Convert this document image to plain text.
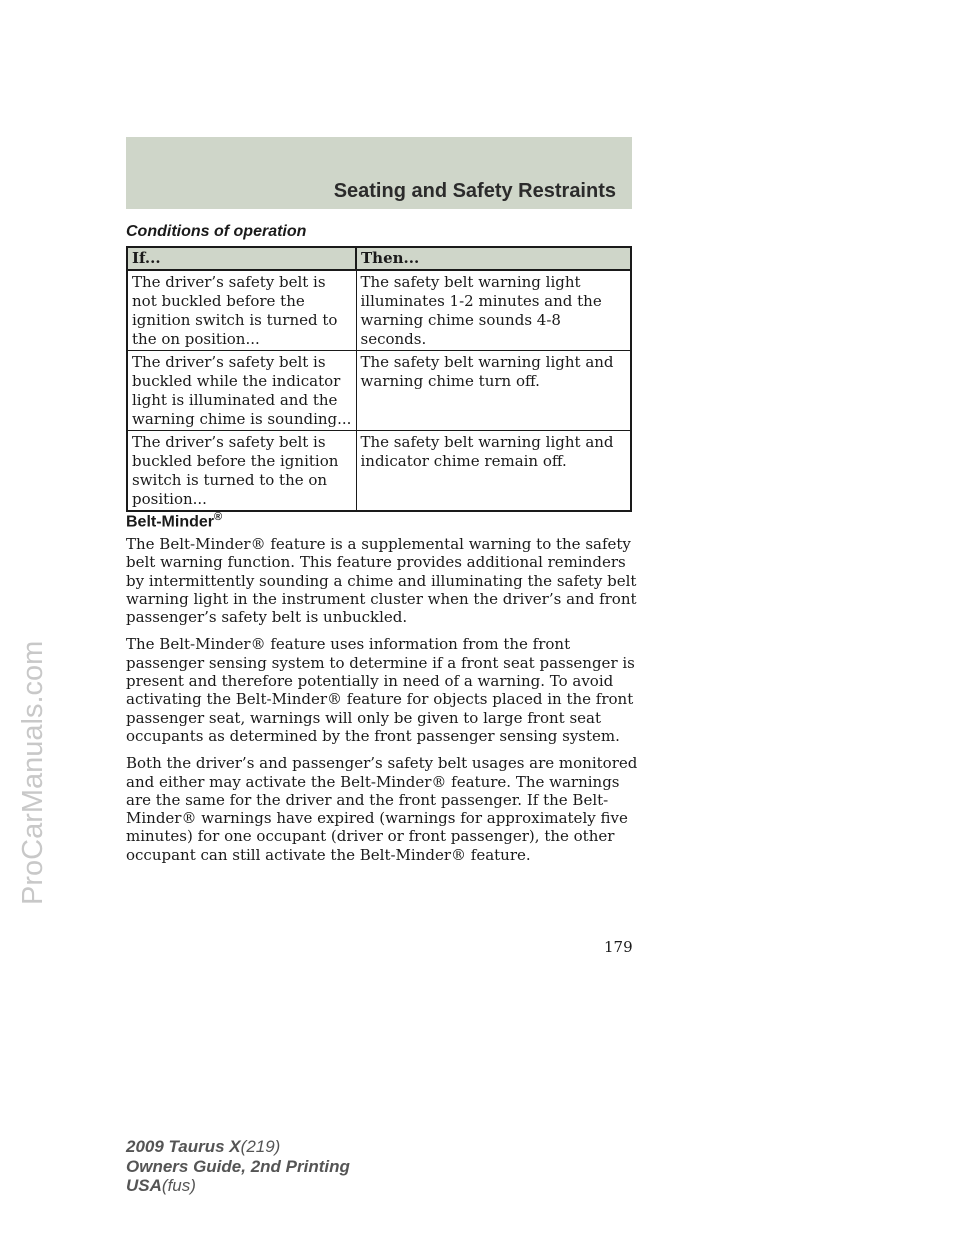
Seating and Safety Restraints
Conditions of operation
If...	Then...
The driver’s safety belt is not buckled before the ignition switch is turned to the on position...	The safety belt warning light illuminates 1-2 minutes and the warning chime sounds 4-8 seconds.
The driver’s safety belt is buckled while the indicator light is illuminated and the warning chime is sounding...	The safety belt warning light and warning chime turn off.
The driver’s safety belt is buckled before the ignition switch is turned to the on position...	The safety belt warning light and indicator chime remain off.
Belt-Minder®

The Belt-Minder® feature is a supplemental warning to the safety belt warning function. This feature provides additional reminders by intermittently sounding a chime and illuminating the safety belt warning light in the instrument cluster when the driver’s and front passenger’s safety belt is unbuckled.

The Belt-Minder® feature uses information from the front passenger sensing system to determine if a front seat passenger is present and therefore potentially in need of a warning. To avoid activating the Belt-Minder® feature for objects placed in the front passenger seat, warnings will only be given to large front seat occupants as determined by the front passenger sensing system.

Both the driver’s and passenger’s safety belt usages are monitored and either may activate the Belt-Minder® feature. The warnings are the same for the driver and the front passenger. If the Belt-Minder® warnings have expired (warnings for approximately five minutes) for one occupant (driver or front passenger), the other occupant can still activate the Belt-Minder® feature.

179
2009 Taurus X(219)
Owners Guide, 2nd Printing
USA(fus)
ProCarManuals.com
